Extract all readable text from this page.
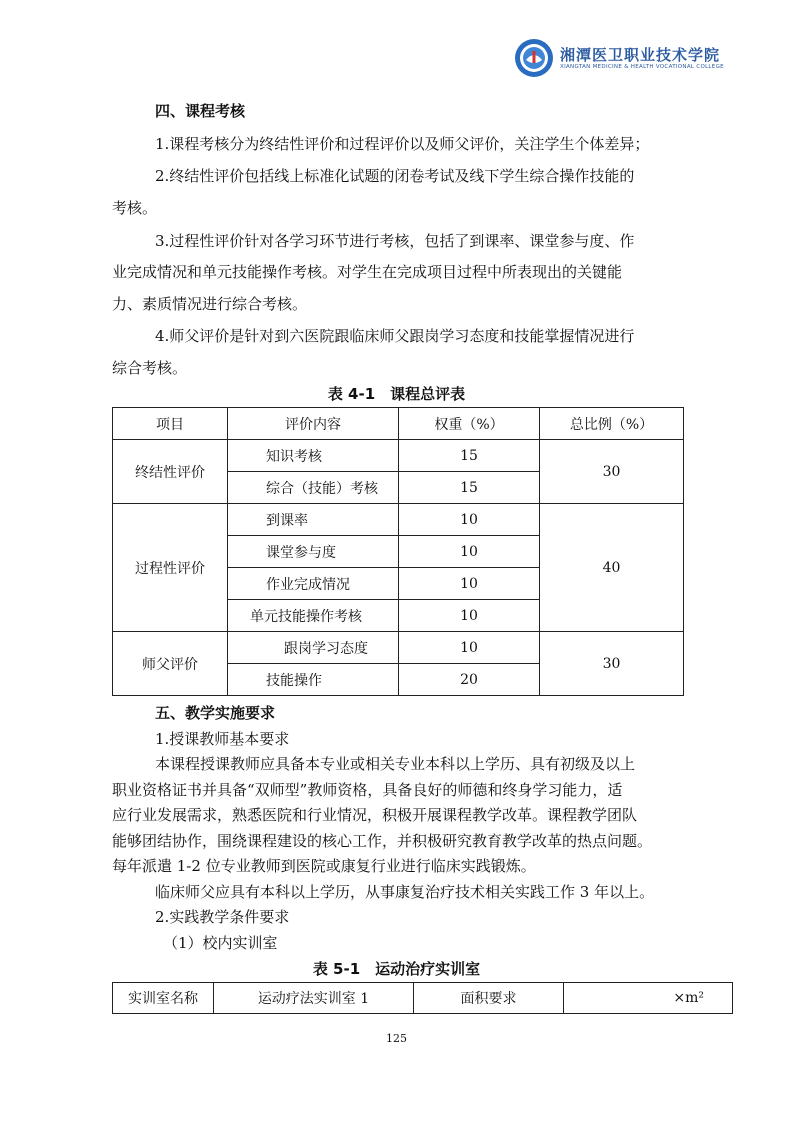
湘潭医卫职业技术学院
XIANGTAN MEDICINE & HEALTH VOCATIONAL COLLEGE
四、课程考核
1.课程考核分为终结性评价和过程评价以及师父评价，关注学生个体差异；
2.终结性评价包括线上标准化试题的闭卷考试及线下学生综合操作技能的
考核。
3.过程性评价针对各学习环节进行考核，包括了到课率、课堂参与度、作
业完成情况和单元技能操作考核。对学生在完成项目过程中所表现出的关键能
力、素质情况进行综合考核。
4.师父评价是针对到六医院跟临床师父跟岗学习态度和技能掌握情况进行
综合考核。
表 4-1　课程总评表
项目	评价内容	权重（%）	总比例（%）
终结性评价	知识考核	15	30
	综合（技能）考核	15	
过程性评价	到课率	10	40
	课堂参与度	10	
	作业完成情况	10	
	单元技能操作考核	10	
师父评价	跟岗学习态度	10	30
	技能操作	20	
五、教学实施要求
1.授课教师基本要求
本课程授课教师应具备本专业或相关专业本科以上学历、具有初级及以上
职业资格证书并具备“双师型”教师资格，具备良好的师德和终身学习能力，适
应行业发展需求，熟悉医院和行业情况，积极开展课程教学改革。课程教学团队
能够团结协作，围绕课程建设的核心工作，并积极研究教育教学改革的热点问题。
每年派遣 1-2 位专业教师到医院或康复行业进行临床实践锻炼。
临床师父应具有本科以上学历，从事康复治疗技术相关实践工作 3 年以上。
2.实践教学条件要求
（1）校内实训室
表 5-1　运动治疗实训室
实训室名称	运动疗法实训室 1	面积要求	×m²
125
